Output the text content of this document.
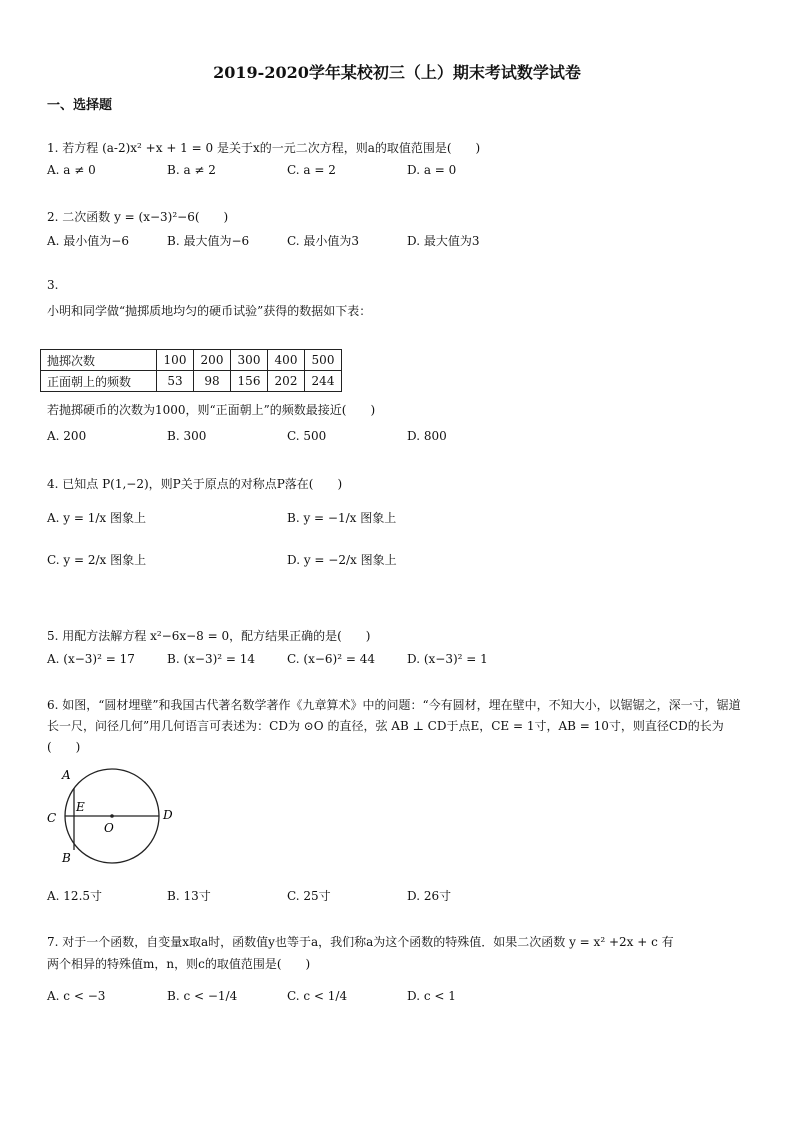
2019-2020学年某校初三（上）期末考试数学试卷
一、选择题
1. 若方程 (a-2)x² +x + 1 = 0 是关于x的一元二次方程，则a的取值范围是(　　)
A. a ≠ 0	B. a ≠ 2	C. a = 2	D. a = 0
2. 二次函数 y = (x−3)²−6(　　)
A. 最小值为−6	B. 最大值为−6	C. 最小值为3	D. 最大值为3
3.
小明和同学做“抛掷质地均匀的硬币试验”获得的数据如下表：
抛掷次数	100	200	300	400	500
正面朝上的频数	53	98	156	202	244
若抛掷硬币的次数为1000，则“正面朝上”的频数最接近(　　)
A. 200	B. 300	C. 500	D. 800
4. 已知点 P(1,−2)，则P关于原点的对称点P落在(　　)
A. y = 1/x 图象上	B. y = −1/x 图象上
C. y = 2/x 图象上	D. y = −2/x 图象上
5. 用配方法解方程 x²−6x−8 = 0，配方结果正确的是(　　)
A. (x−3)² = 17	B. (x−3)² = 14	C. (x−6)² = 44	D. (x−3)² = 1
6. 如图，“圆材埋壁”和我国古代著名数学著作《九章算术》中的问题：“今有圆材，埋在壁中，不知大小，以锯锯之，深一寸，锯道长一尺，问径几何”用几何语言可表述为：CD为 ⊙O 的直径，弦 AB ⊥ CD于点E，CE = 1寸，AB = 10寸，则直径CD的长为(　　)
A
B
C	D
E
O
A. 12.5寸	B. 13寸	C. 25寸	D. 26寸
7. 对于一个函数，自变量x取a时，函数值y也等于a，我们称a为这个函数的特殊值．如果二次函数 y = x² +2x + c 有
两个相异的特殊值m，n，则c的取值范围是(　　)
A. c < −3	B. c < −1/4	C. c < 1/4	D. c < 1
